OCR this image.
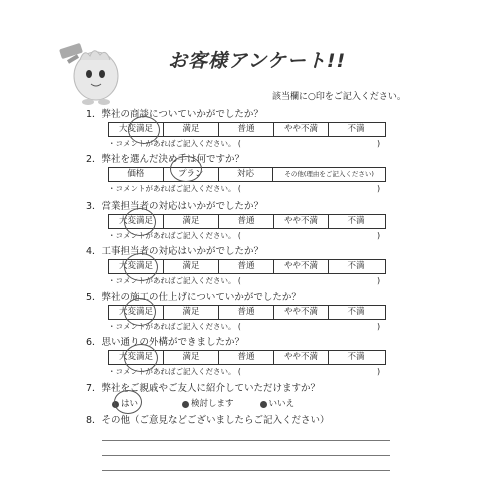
お客様アンケート!!
該当欄に○印をご記入ください。
1．弊社の商談についていかがでしたか？
大変満足	満足	普通	やや不満	不満
・コメントがあればご記入ください。 (	)
2．弊社を選んだ決め手は何ですか？
価格	プラン	対応	その他(理由をご記入ください)
・コメントがあればご記入ください。 (	)
3．営業担当者の対応はいかがでしたか？
大変満足	満足	普通	やや不満	不満
・コメントがあればご記入ください。 (	)
4．工事担当者の対応はいかがでしたか？
大変満足	満足	普通	やや不満	不満
・コメントがあればご記入ください。 (	)
5．弊社の施工の仕上げについていかがでしたか？
大変満足	満足	普通	やや不満	不満
・コメントがあればご記入ください。 (	)
6．思い通りの外構ができましたか？
大変満足	満足	普通	やや不満	不満
・コメントがあればご記入ください。 (	)
7．弊社をご親戚やご友人に紹介していただけますか？
はい	検討します	いいえ
8．その他（ご意見などございましたらご記入ください）
